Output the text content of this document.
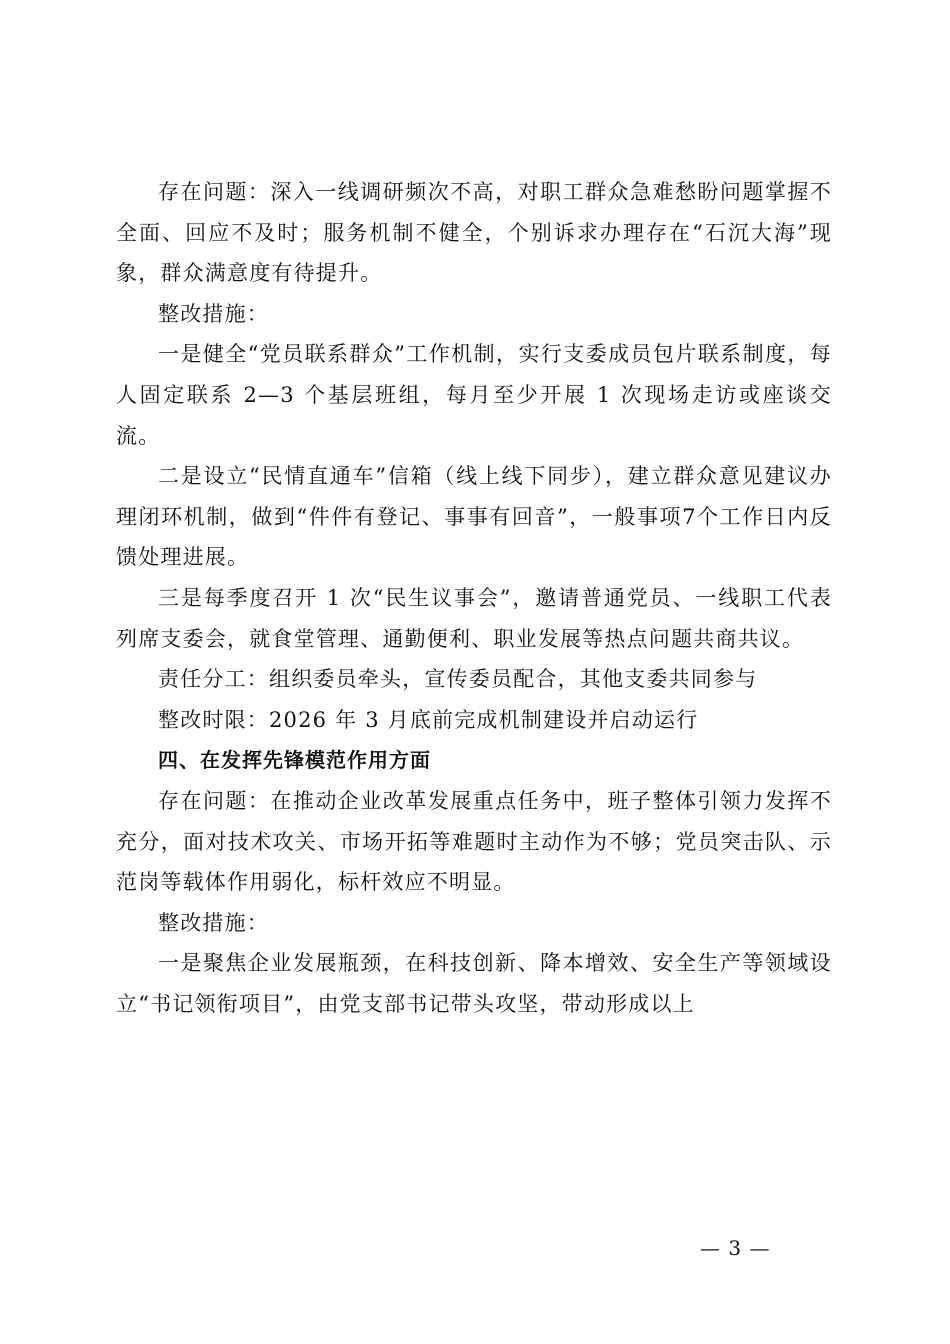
存在问题：深入一线调研频次不高，对职工群众急难愁盼问题掌握不全面、回应不及时；服务机制不健全，个别诉求办理存在“石沉大海”现象，群众满意度有待提升。

整改措施：

一是健全“党员联系群众”工作机制，实行支委成员包片联系制度，每人固定联系 2—3 个基层班组，每月至少开展 1 次现场走访或座谈交流。

二是设立“民情直通车”信箱（线上线下同步），建立群众意见建议办理闭环机制，做到“件件有登记、事事有回音”，一般事项7个工作日内反馈处理进展。

三是每季度召开 1 次“民生议事会”，邀请普通党员、一线职工代表列席支委会，就食堂管理、通勤便利、职业发展等热点问题共商共议。

责任分工：组织委员牵头，宣传委员配合，其他支委共同参与

整改时限：2026 年 3 月底前完成机制建设并启动运行

四、在发挥先锋模范作用方面

存在问题：在推动企业改革发展重点任务中，班子整体引领力发挥不充分，面对技术攻关、市场开拓等难题时主动作为不够；党员突击队、示范岗等载体作用弱化，标杆效应不明显。

整改措施：

一是聚焦企业发展瓶颈，在科技创新、降本增效、安全生产等领域设立“书记领衔项目”，由党支部书记带头攻坚，带动形成以上

— 3 —
